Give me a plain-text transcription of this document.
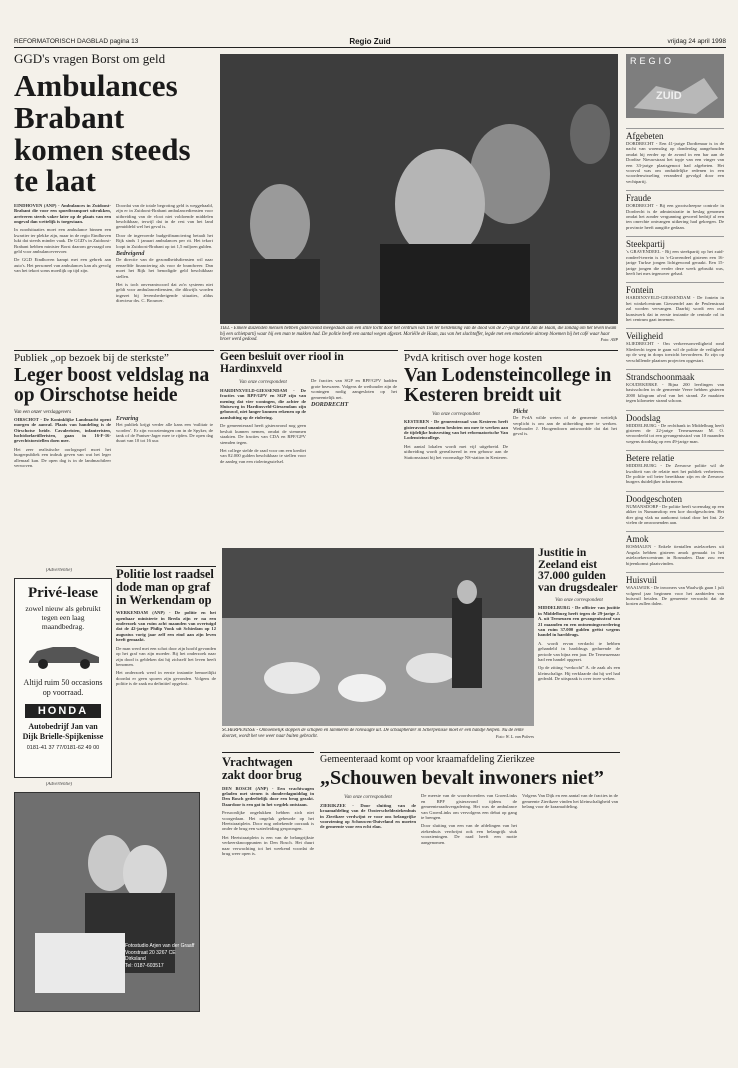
REFORMATORISCH DAGBLAD pagina 13	Regio Zuid	vrijdag 24 april 1998
GGD's vragen Borst om geld
Ambulances Brabant komen steeds te laat

EINDHOVEN (ANP) - Ambulances in Zuidoost-Brabant die voor een spoedtransport uitrukken, arriveren steeds vaker later op de plaats van een ongeval dan wettelijk is toegestaan.

In noodsituaties moet een ambulance binnen een kwartier ter plekke zijn, maar in de regio Eindhoven lukt dat steeds minder vaak. De GGD's in Zuidoost-Brabant hebben minister Borst daarom gevraagd om geld voor ambulancevervoer.

De GGD Eindhoven kampt met een gebrek aan auto's. Het personeel van ambulances kan als gevolg van het tekort soms moeilijk op tijd zijn.

Doordat van de totale begroting geld is weggehaald, zijn er in Zuidoost-Brabant ambulancediensten voor uitbreiding van de vloot niet voldoende middelen beschikbaar, terwijl dat in de rest van het land gemiddeld wel het geval is.

Door de ingevoerde budgetfinanciering betaalt het Rijk sinds 1 januari ambulances per rit. Het tekort loopt in Zuidoost-Brabant op tot 1,5 miljoen gulden.

Bedreigend

De directie van de gezondheidsdiensten wil naar eenzelfde financiering als voor de brandweer. Dan moet het Rijk het benodigde geld beschikbaar stellen.

Het is toch onverantwoord dat zo'n systeem niet geldt voor ambulancediensten, die dikwijls worden ingezet bij levensbedreigende situaties, aldus directeur drs. C. Brouwer.

TIEL - Enkele duizenden mensen hebben gisteravond meegedaan aan een stille tocht door het centrum van Tiel ter herdenking van de dood van de 27-jarige Erik Jan de Haan, die zondag om het leven kwam bij een schietpartij waar hij een man te makken had. De politie heeft een aantal wegen afgezet. Mariëlle de Haan, zus van het slachtoffer, legde met een emotionele uitroep bloemen bij het café waar haar broer werd gedood.	Foto: ANP
REGIO
ZUID
Afgebeten

DORDRECHT - Een 41-jarige Dordtenaar is in de nacht van woensdag op donderdag aangehouden omdat hij eerder op de avond in een bar aan de Dordtse Nieuwstraat het topje van een vinger van een 33-jarige plaatsgenoot had afgebeten. Het voorval was om onduidelijke redenen in een woordenwisseling veranderd gevolgd door een vechtpartij.

Fraude

DORDRECHT - Bij een grootscheepse controle in Dordrecht is de administratie in beslag genomen omdat het zonder vergunning gevoerd bedrijf al een ten onrechte ontvangen uitkering had gekregen. De provincie heeft aangifte gedaan.

Steekpartij

's GRAVENDEEL - Bij een steekpartij op het zuid-rondeel-terrein is in 's-Gravendeel gisteren een 16-jarige Turkse jongen lichtgewond geraakt. Een 15-jarige jongen die eerder deze week gebruikt was, heeft het mes tegenover gehad.

Fontein

HARDINXVELD-GIESSENDAM - De fontein in het winkelcentrum Giessendel aan de Peulenstraat zal worden vervangen. Daarbij wordt een oud kunstwerk dat in eerste instantie de centrale rol in het centrum gaat innemen.

Veiligheid

SLIEDRECHT - Om verkeersonveiligheid rond Sliedrecht tegen te gaan wil de politie de veiligheid op de weg in dorps toezicht bevorderen. Er zijn op verschillende plaatsen projecten opgestart.

Strandschoonmaak

KOUDEKERKE - Bijna 200 leerlingen van basisscholen in de gemeente Veere hebben gisteren 2000 kilogram afval van het strand. Ze maakten tegen kilometer strand schoon.

Doodslag

MIDDELBURG - De rechtbank in Middelburg heeft gisteren de 22-jarige Terneuzenaar M. O. veroordeeld tot een gevangenisstraf van 10 maanden wegens doodslag op een 49-jarige man.

Betere relatie

MIDDELBURG - De Zeeuwse politie wil de kwaliteit van de relatie met het publiek verbeteren. De politie wil beter bereikbaar zijn en de Zeeuwse burgers duidelijker informeren.

Doodgeschoten

NUMANSDORP - De politie heeft woensdag op een akker in Numansdorp een koe doodgeschoten. Het dier ging vlak na aankomst totaal door het lint. Ze vielen de omwonenden aan.

Amok

ROSMALEN - Enkele tientallen asielzoekers uit Angola hebben gisteren amok gemaakt in het asielzoekerscentrum in Rosmalen. Daar zou een bijeenkomst plaatsvinden.

Huisvuil

WAALWIJK - De inwoners van Waalwijk gaan 1 juli volgend jaar beginnen voor het aanbieden van huisvuil betalen. De gemeente verwacht dat de kosten zullen dalen.

Publiek „op bezoek bij de sterkste”
Leger boost veldslag na op Oirschotse heide
Van een onzer verslaggevers

OIRSCHOT - De Koninklijke Landmacht opent morgen de aanval. Plaats van handeling is de Oirschotse heide. Cavaleristen, infanteristen, luchtdoelartilleristen, gaan in 16-F-16-gevechtstoestellen doen mee.

Het zeer realistische oorlogsspel moet het burgerpubliek een indruk geven van wat het leger allemaal kan. De open dag is in de landmachtleer verwoven.

Ervaring

Het publiek krijgt verder alle kans een ‘militair te worden’. Er zijn voorzieningen om in de Spyker, de tank of de Pantser-Jager mee te rijden. De open dag duurt van 10 tot 16 uur.

(Advertentie)
Privé-lease
zowel nieuw als gebruikt tegen een laag maandbedrag.
Altijd ruim 50 occasions op voorraad.
HONDA
Autobedrijf Jan van Dijk Brielle-Spijkenisse
0181-41 37 77/0181-62 49 00
(Advertentie)
Fotostudio Arjen van der Graaff
Voorstraat 20 3267 CE Dirksland
Tel: 0187-603517
Geen besluit over riool in Hardinxveld
Van onze correspondent

HARDINXVELD-GIESSENDAM - De fracties van RPF/GPV en SGP zijn van mening dat vier woningen, die achter de Sluiseweg in Hardinxveld-Giessendam zijn gebouwd, niet langer kunnen rekenen op de aansluiting op de riolering.

De gemeenteraad heeft gisteravond nog geen besluit kunnen nemen, omdat de stemmen staakten. De fracties van CDA en RPF/GPV stemden tegen.

Het college stelde de raad voor om een krediet van 82.000 gulden beschikbaar te stellen voor de aanleg van een rioleringsstelsel.

De fracties van SGP en RPF/GPV hadden grote bezwaren. Volgens de wethouder zijn de woningen nodig aangesloten op het gemeentelijk net.

DORDRECHT
PvdA kritisch over hoge kosten
Van Lodensteincollege in Kesteren breidt uit
Van onze correspondent

KESTEREN - De gemeenteraad van Kesteren heeft gisteravond unaniem besloten om mee te werken aan de tijdelijke huisvesting van het reformatorische Van Lodensteincollege.

Het aantal lokalen wordt met vijf uitgebreid. De uitbreiding wordt gerealiseerd in een gebouw aan de Stationsstraat bij het voormalige NS-station in Kesteren.

Plicht

De PvdA wilde weten of de gemeente wettelijk verplicht is om aan de uitbreiding mee te werken. Wethouder J. Hoogendoorn antwoordde dat dat het geval is.

Politie lost raadsel dode man op graf in Werkendam op

WERKENDAM (ANP) - De politie en het openbaar ministerie in Breda zijn er na een onderzoek van ruim acht maanden van overtuigd dat de 42-jarige Philip Vonk uit Schiedam op 12 augustus vorig jaar zelf een eind aan zijn leven heeft gemaakt.

De man werd met een schot door zijn hoofd gevonden op het graf van zijn moeder. Bij het onderzoek naar zijn dood is gebleken dat hij zichzelf het leven heeft benomen.

Het onderzoek werd in eerste instantie bemoeilijkt doordat er geen sporen zijn gevonden. Volgens de politie is de zaak nu definitief opgelost.

SCHERPENISSE - Onnoemelijk stoppen de schapen en lammeren de ronvaagte uit. De schaapherder in Scherpenisse moet er een handje helpen. Nu de lente doorzet, wordt het vee weer naar buiten gebracht.	Foto: W. L. van Poleers
Justitie in Zeeland eist 37.000 gulden van drugsdealer
Van onze correspondent

MIDDELBURG - De officier van justitie in Middelburg heeft tegen de 29-jarige J. A. uit Terneuzen een gevangenisstraf van 21 maanden en een ontnemingsvordering van ruim 37.000 gulden geëist wegens handel in harddrugs.

A. wordt ervan verdacht te hebben gehandeld in harddrugs gedurende de periode van bijna een jaar. De Terneuzenaar had een handel opgezet.

Op de zitting “verkocht” A. de zaak als een kleinschalige. Hij verklaarde dat hij wel had gedeald. De uitspraak is over twee weken.

Vrachtwagen zakt door brug

DEN BOSCH (ANP) - Een vrachtwagen geladen met stenen is donderdagmiddag in Den Bosch gedeeltelijk door een brug gezakt. Daardoor is een gat in het wegdek ontstaan.

Persoonlijke ongelukken hebben zich niet voorgedaan. Het ongeluk gebeurde op het Heetstraatplein. Door nog onbekende oorzaak is onder de brug een waterleiding gesprongen.

Het Heetstraatplein is een van de belangrijkste verkeersknooppunten in Den Bosch. Het duurt naar verwachting tot het weekend voordat de brug weer open is.

Gemeenteraad komt op voor kraamafdeling Zierikzee
„Schouwen bevalt inwoners niet”
Van onze correspondent

ZIERIKZEE - Door sluiting van de kraamafdeling van de Oosterscheldeziekenhuis in Zierikzee verdwijnt er voor ons belangrijke voorziening op Schouwen-Duiveland en moeten de gemeente voor een echt elan.

De meeste van de woordvoerders van GroenLinks en RPF gisteravond tijdens de gemeenteraadsvergadering. Het was de ambulance van GroenLinks om vervolgens een debat op gang te brengen.

Door sluiting van een van de afdelingen van het ziekenhuis verdwijnt ook een belangrijk stuk voorzieningen. De raad heeft een motie aangenomen.

Volgens Van Dijk en een aantal van de fracties in de gemeente Zierikzee vinden het kleinschaligheid van belang voor de kraamafdeling.
